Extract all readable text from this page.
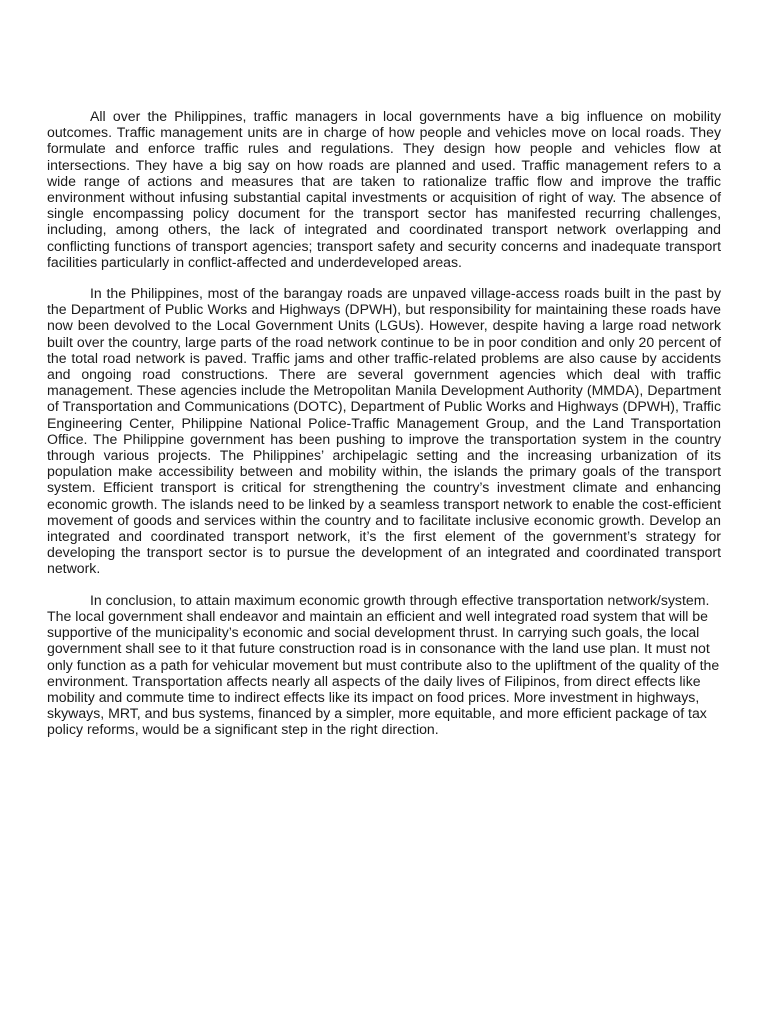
All over the Philippines, traffic managers in local governments have a big influence on mobility outcomes. Traffic management units are in charge of how people and vehicles move on local roads. They formulate and enforce traffic rules and regulations. They design how people and vehicles flow at intersections. They have a big say on how roads are planned and used. Traffic management refers to a wide range of actions and measures that are taken to rationalize traffic flow and improve the traffic environment without infusing substantial capital investments or acquisition of right of way. The absence of single encompassing policy document for the transport sector has manifested recurring challenges, including, among others, the lack of integrated and coordinated transport network overlapping and conflicting functions of transport agencies; transport safety and security concerns and inadequate transport facilities particularly in conflict-affected and underdeveloped areas.

In the Philippines, most of the barangay roads are unpaved village-access roads built in the past by the Department of Public Works and Highways (DPWH), but responsibility for maintaining these roads have now been devolved to the Local Government Units (LGUs). However, despite having a large road network built over the country, large parts of the road network continue to be in poor condition and only 20 percent of the total road network is paved. Traffic jams and other traffic-related problems are also cause by accidents and ongoing road constructions. There are several government agencies which deal with traffic management. These agencies include the Metropolitan Manila Development Authority (MMDA), Department of Transportation and Communications (DOTC), Department of Public Works and Highways (DPWH), Traffic Engineering Center, Philippine National Police-Traffic Management Group, and the Land Transportation Office. The Philippine government has been pushing to improve the transportation system in the country through various projects. The Philippines’ archipelagic setting and the increasing urbanization of its population make accessibility between and mobility within, the islands the primary goals of the transport system. Efficient transport is critical for strengthening the country’s investment climate and enhancing economic growth. The islands need to be linked by a seamless transport network to enable the cost-efficient movement of goods and services within the country and to facilitate inclusive economic growth. Develop an integrated and coordinated transport network, it’s the first element of the government’s strategy for developing the transport sector is to pursue the development of an integrated and coordinated transport network.

In conclusion, to attain maximum economic growth through effective transportation network/system. The local government shall endeavor and maintain an efficient and well integrated road system that will be supportive of the municipality’s economic and social development thrust. In carrying such goals, the local government shall see to it that future construction road is in consonance with the land use plan. It must not only function as a path for vehicular movement but must contribute also to the upliftment of the quality of the environment. Transportation affects nearly all aspects of the daily lives of Filipinos, from direct effects like mobility and commute time to indirect effects like its impact on food prices. More investment in highways, skyways, MRT, and bus systems, financed by a simpler, more equitable, and more efficient package of tax policy reforms, would be a significant step in the right direction.
